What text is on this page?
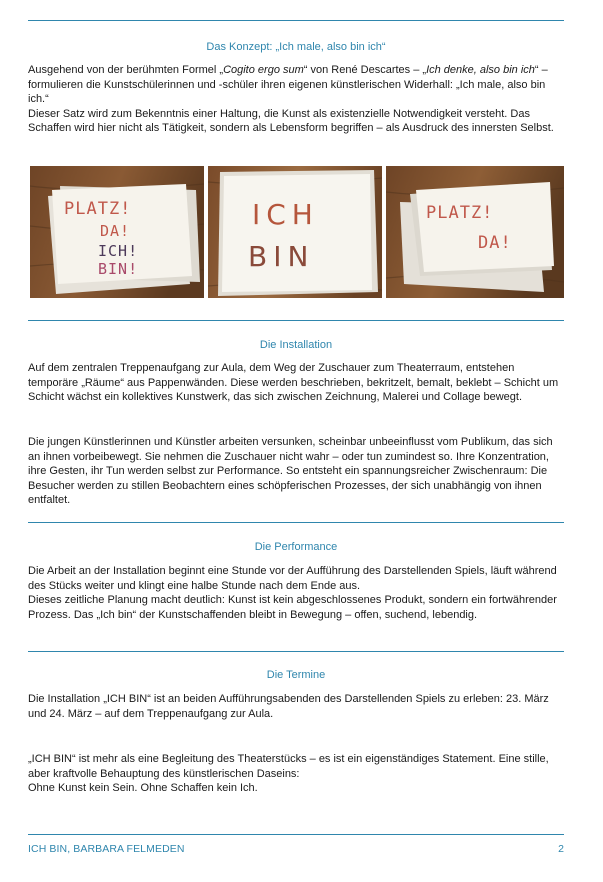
Das Konzept: „Ich male, also bin ich“

Ausgehend von der berühmten Formel „Cogito ergo sum“ von René Descartes – „Ich denke, also bin ich“ – formulieren die Kunstschülerinnen und -schüler ihren eigenen künstlerischen Widerhall: „Ich male, also bin ich.“

Dieser Satz wird zum Bekenntnis einer Haltung, die Kunst als existenzielle Notwendigkeit versteht. Das Schaffen wird hier nicht als Tätigkeit, sondern als Lebensform begriffen – als Ausdruck des innersten Selbst.

PLATZ!
DA!
ICH!
BIN!
ICH
BIN
PLATZ!
DA!
Die Installation
Auf dem zentralen Treppenaufgang zur Aula, dem Weg der Zuschauer zum Theaterraum, entstehen temporäre „Räume“ aus Pappenwänden. Diese werden beschrieben, bekritzelt, bemalt, beklebt – Schicht um Schicht wächst ein kollektives Kunstwerk, das sich zwischen Zeichnung, Malerei und Collage bewegt.
Die jungen Künstlerinnen und Künstler arbeiten versunken, scheinbar unbeeinflusst vom Publikum, das sich an ihnen vorbeibewegt. Sie nehmen die Zuschauer nicht wahr – oder tun zumindest so. Ihre Konzentration, ihre Gesten, ihr Tun werden selbst zur Performance. So entsteht ein spannungsreicher Zwischenraum: Die Besucher werden zu stillen Beobachtern eines schöpferischen Prozesses, der sich unabhängig von ihnen entfaltet.
Die Performance

Die Arbeit an der Installation beginnt eine Stunde vor der Aufführung des Darstellenden Spiels, läuft während des Stücks weiter und klingt eine halbe Stunde nach dem Ende aus.

Dieses zeitliche Planung macht deutlich: Kunst ist kein abgeschlossenes Produkt, sondern ein fortwährender Prozess. Das „Ich bin“ der Kunstschaffenden bleibt in Bewegung – offen, suchend, lebendig.

Die Termine
Die Installation „ICH BIN“ ist an beiden Aufführungsabenden des Darstellenden Spiels zu erleben: 23. März und 24. März – auf dem Treppenaufgang zur Aula.

„ICH BIN“ ist mehr als eine Begleitung des Theaterstücks – es ist ein eigenständiges Statement. Eine stille, aber kraftvolle Behauptung des künstlerischen Daseins:

Ohne Kunst kein Sein. Ohne Schaffen kein Ich.

ICH BIN, BARBARA FELMEDEN	2
